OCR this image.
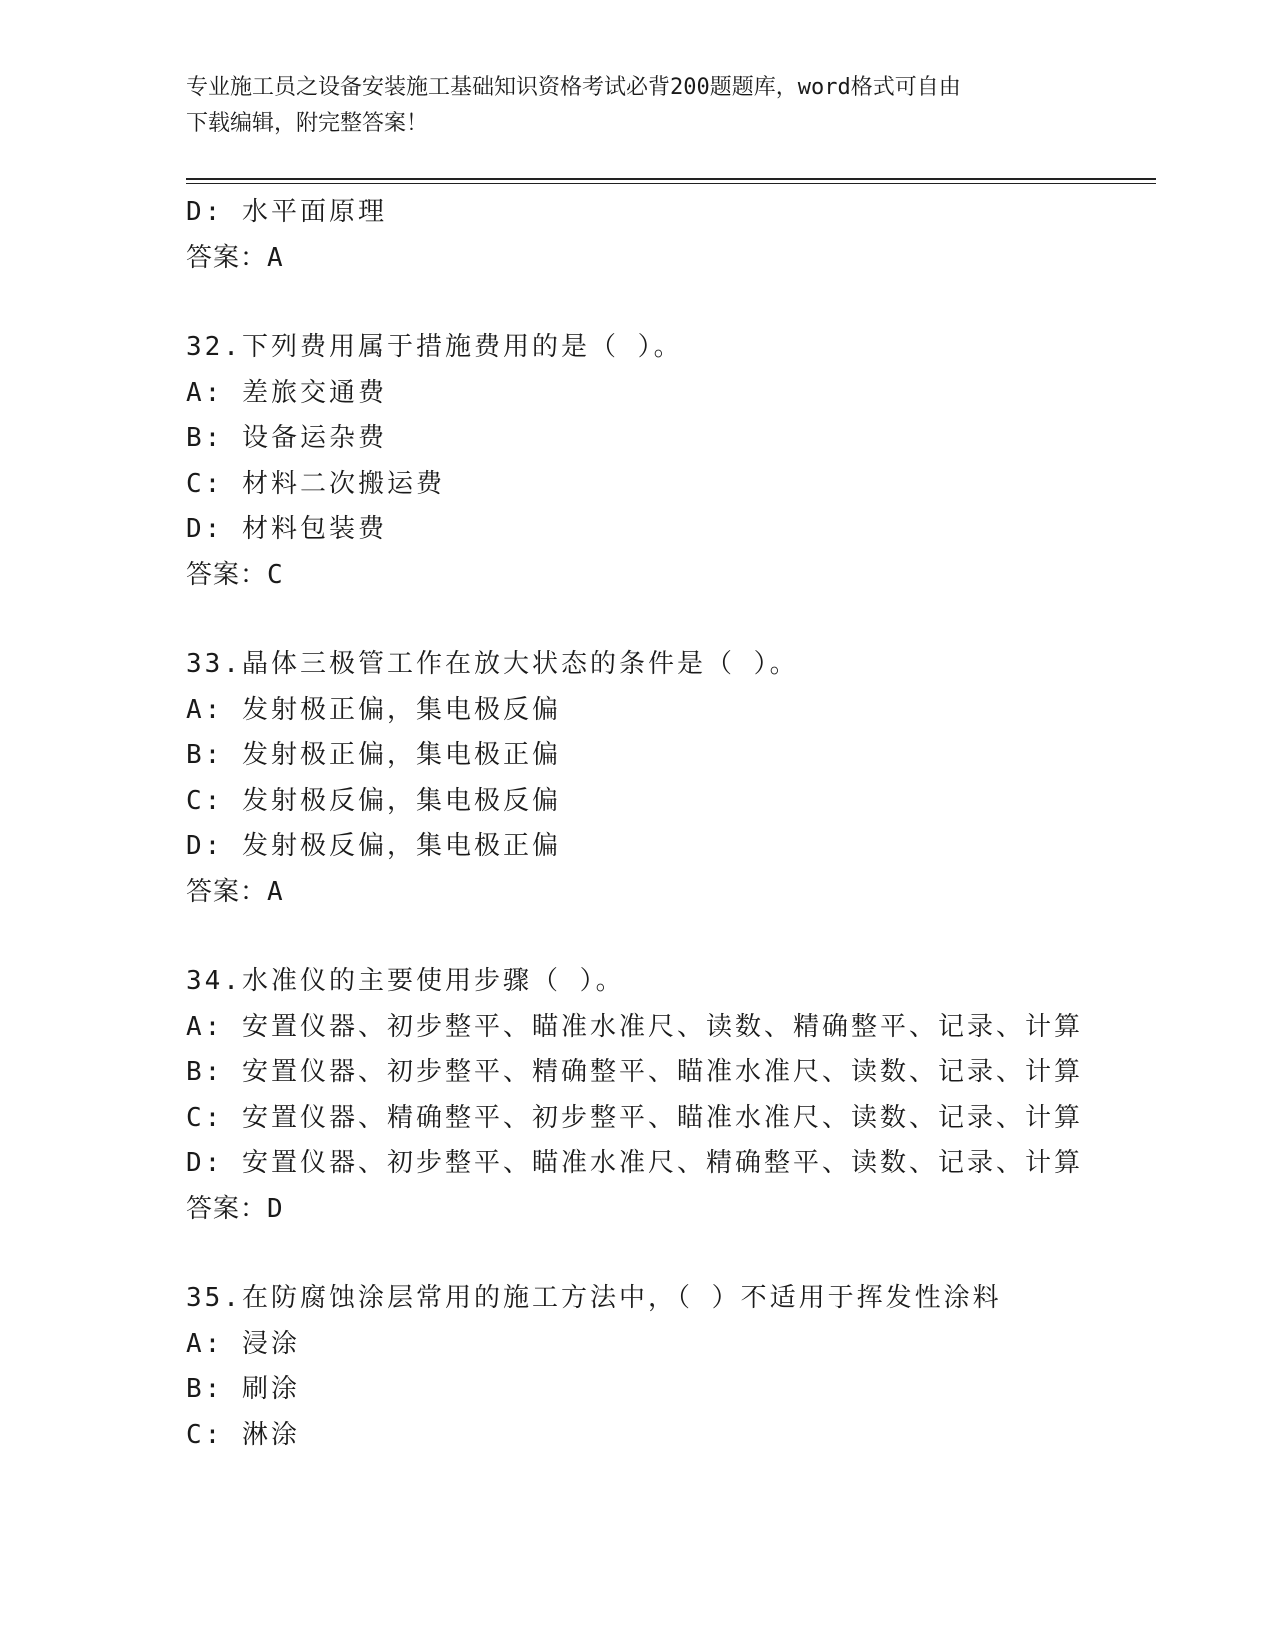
专业施工员之设备安装施工基础知识资格考试必背200题题库，word格式可自由
下载编辑，附完整答案！
D: 水平面原理
答案：A
32.下列费用属于措施费用的是（ ）。
A: 差旅交通费
B: 设备运杂费
C: 材料二次搬运费
D: 材料包装费
答案：C
33.晶体三极管工作在放大状态的条件是（ ）。
A: 发射极正偏，集电极反偏
B: 发射极正偏，集电极正偏
C: 发射极反偏，集电极反偏
D: 发射极反偏，集电极正偏
答案：A
34.水准仪的主要使用步骤（ ）。
A: 安置仪器、初步整平、瞄准水准尺、读数、精确整平、记录、计算
B: 安置仪器、初步整平、精确整平、瞄准水准尺、读数、记录、计算
C: 安置仪器、精确整平、初步整平、瞄准水准尺、读数、记录、计算
D: 安置仪器、初步整平、瞄准水准尺、精确整平、读数、记录、计算
答案：D
35.在防腐蚀涂层常用的施工方法中，（ ）不适用于挥发性涂料
A: 浸涂
B: 刷涂
C: 淋涂
